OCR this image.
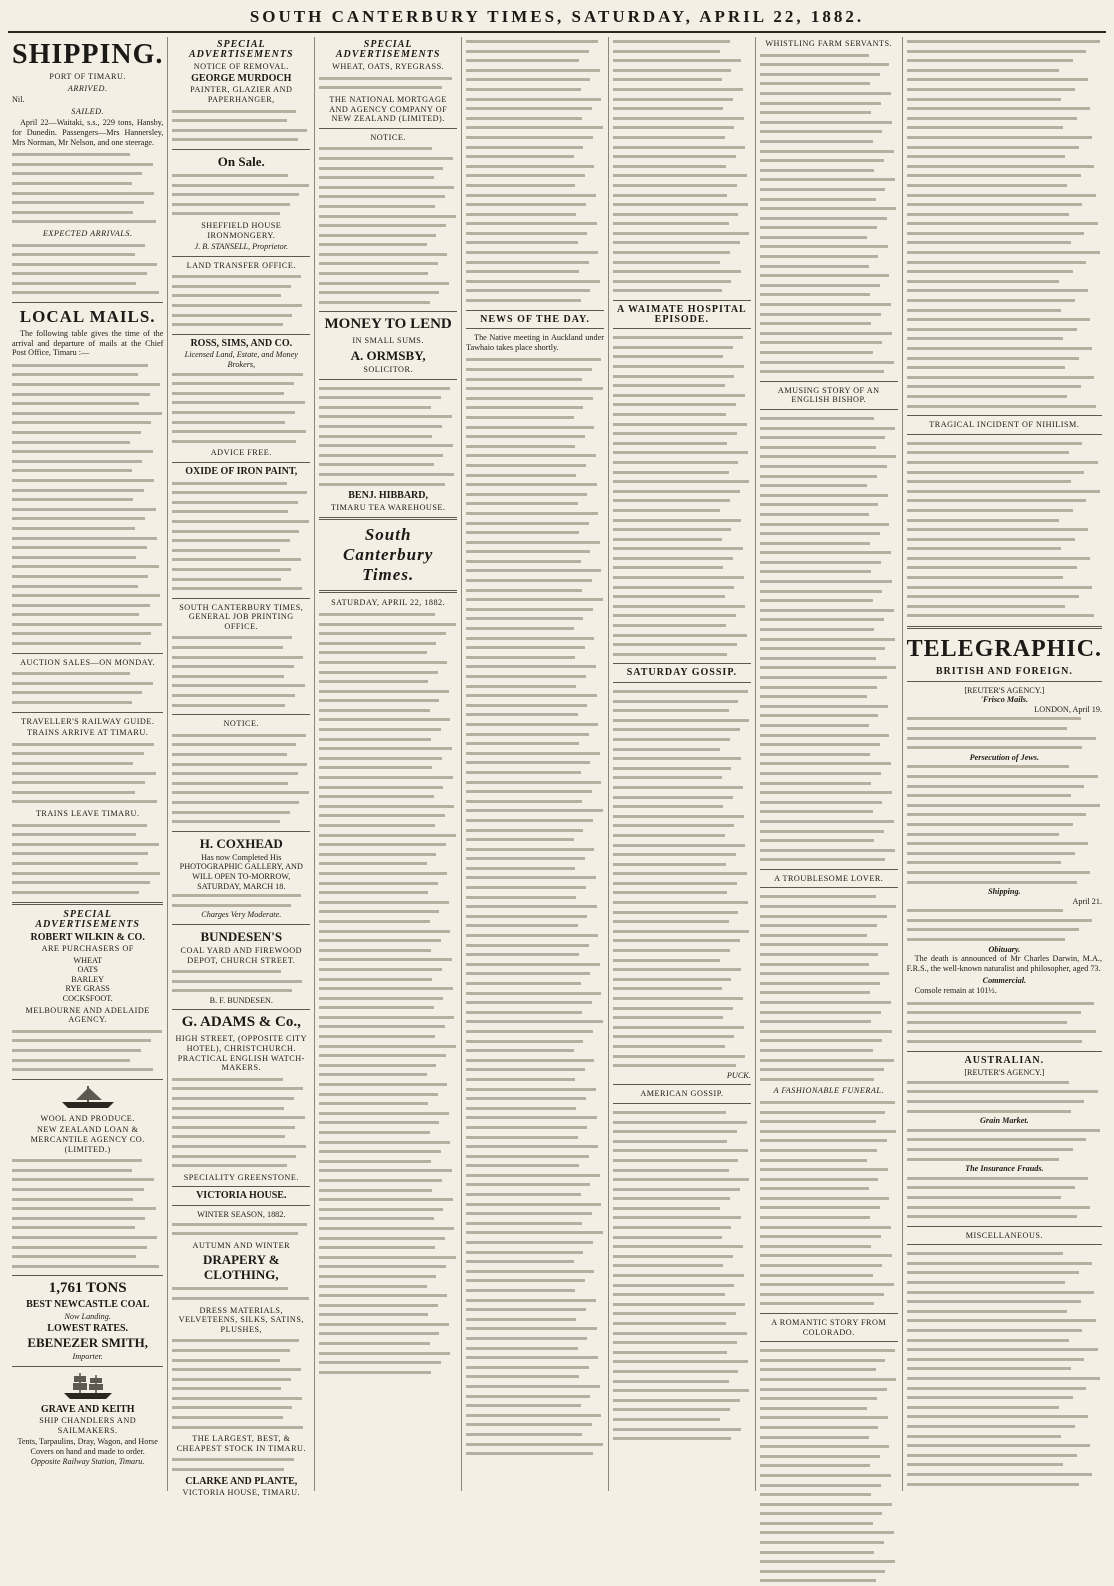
SOUTH CANTERBURY TIMES, SATURDAY, APRIL 22, 1882.
SHIPPING.
PORT OF TIMARU.
ARRIVED.
Nil.
SAILED.
April 22—Waitaki, s.s., 229 tons, Hansby, for Dunedin. Passengers—Mrs Hannersley, Mrs Norman, Mr Nelson, and one steerage.
EXPECTED ARRIVALS.
LOCAL MAILS.
The following table gives the time of the arrival and departure of mails at the Chief Post Office, Timaru :—
AUCTION SALES—ON MONDAY.
TRAVELLER'S RAILWAY GUIDE.
TRAINS ARRIVE AT TIMARU.
TRAINS LEAVE TIMARU.
SPECIAL ADVERTISEMENTS
ROBERT WILKIN & CO.
ARE PURCHASERS OF
WHEAT
OATS
BARLEY
RYE GRASS
COCKSFOOT.
MELBOURNE AND ADELAIDE AGENCY.
WOOL AND PRODUCE.
NEW ZEALAND LOAN & MERCANTILE AGENCY CO. (LIMITED.)
1,761 TONS
BEST NEWCASTLE COAL
Now Landing.
LOWEST RATES.
EBENEZER SMITH,
Importer.
GRAVE AND KEITH
SHIP CHANDLERS AND SAILMAKERS.
Tents, Tarpaulins, Dray, Wagon, and Horse Covers on hand and made to order.
Opposite Railway Station, Timaru.
SPECIAL ADVERTISEMENTS
NOTICE OF REMOVAL.
GEORGE MURDOCH
PAINTER, GLAZIER AND PAPERHANGER,
On Sale.
SHEFFIELD HOUSE IRONMONGERY.
J. B. STANSELL, Proprietor.
LAND TRANSFER OFFICE.
ROSS, SIMS, AND CO.
Licensed Land, Estate, and Money Brokers,
ADVICE FREE.
OXIDE OF IRON PAINT,
SOUTH CANTERBURY TIMES, GENERAL JOB PRINTING OFFICE.
NOTICE.
H. COXHEAD
Has now Completed His PHOTOGRAPHIC GALLERY, AND WILL OPEN TO-MORROW, SATURDAY, MARCH 18.
Charges Very Moderate.
BUNDESEN'S
COAL YARD AND FIREWOOD DEPOT, CHURCH STREET.
B. F. BUNDESEN.
G. ADAMS & Co.,
HIGH STREET, (OPPOSITE CITY HOTEL), CHRISTCHURCH. PRACTICAL ENGLISH WATCH-MAKERS.
SPECIALITY GREENSTONE.
VICTORIA HOUSE.
WINTER SEASON, 1882.
AUTUMN AND WINTER
DRAPERY & CLOTHING,
DRESS MATERIALS, VELVETEENS, SILKS, SATINS, PLUSHES,
THE LARGEST, BEST, & CHEAPEST STOCK IN TIMARU.
CLARKE AND PLANTE,
VICTORIA HOUSE, TIMARU.
SPECIAL ADVERTISEMENTS
WHEAT, OATS, RYEGRASS.
THE NATIONAL MORTGAGE AND AGENCY COMPANY OF NEW ZEALAND (LIMITED).
NOTICE.
MONEY TO LEND
IN SMALL SUMS.
A. ORMSBY,
SOLICITOR.
BENJ. HIBBARD,
TIMARU TEA WAREHOUSE.
South Canterbury Times.
SATURDAY, APRIL 22, 1882.
NEWS OF THE DAY.
The Native meeting in Auckland under Tawhaio takes place shortly.
A WAIMATE HOSPITAL EPISODE.
SATURDAY GOSSIP.
PUCK.
AMERICAN GOSSIP.
WHISTLING FARM SERVANTS.
AMUSING STORY OF AN ENGLISH BISHOP.
A TROUBLESOME LOVER.
A FASHIONABLE FUNERAL.
A ROMANTIC STORY FROM COLORADO.
TRAGICAL INCIDENT OF NIHILISM.
TELEGRAPHIC.
BRITISH AND FOREIGN.
[REUTER'S AGENCY.]
'Frisco Mails.
LONDON, April 19.
Persecution of Jews.
Shipping.
April 21.
Obituary.
The death is announced of Mr Charles Darwin, M.A., F.R.S., the well-known naturalist and philosopher, aged 73.
Commercial.
Console remain at 101½.
AUSTRALIAN.
[REUTER'S AGENCY.]
Grain Market.
The Insurance Frauds.
MISCELLANEOUS.
